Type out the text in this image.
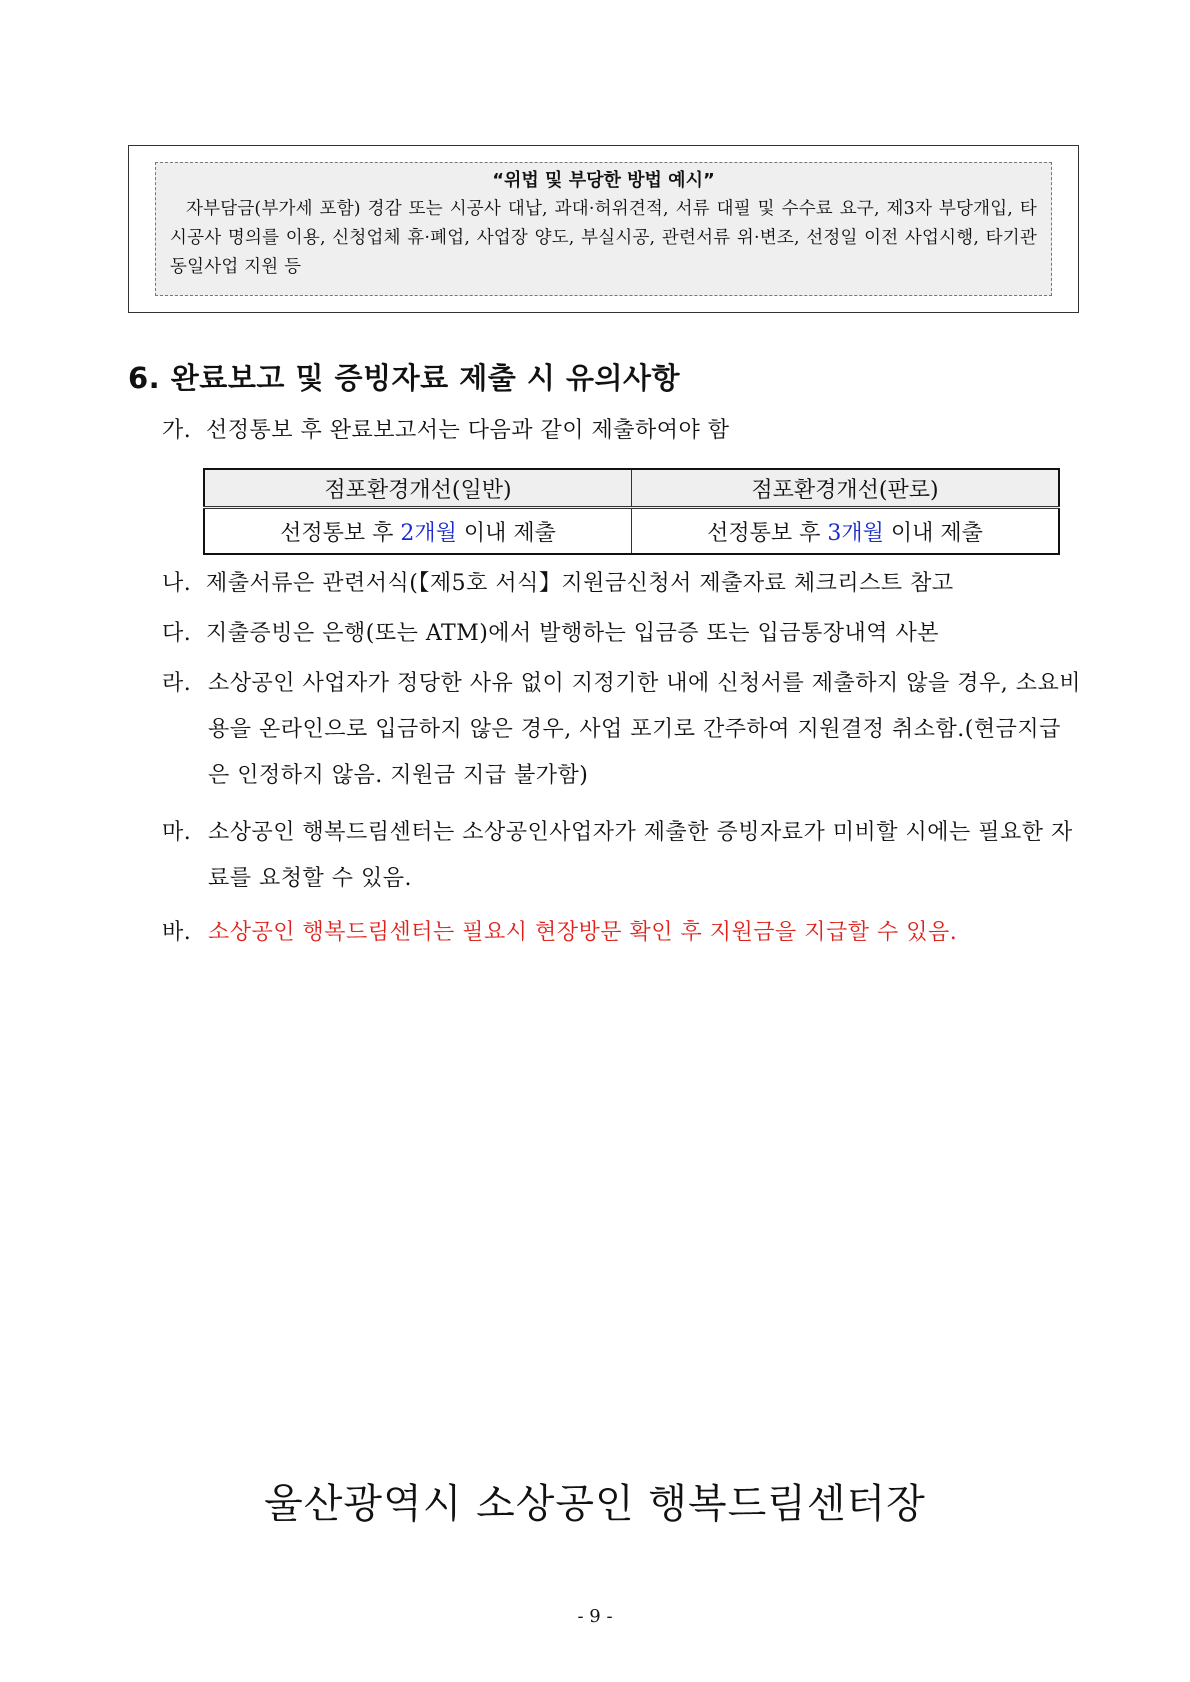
“위법 및 부당한 방법 예시”

자부담금(부가세 포함) 경감 또는 시공사 대납, 과대·허위견적, 서류 대필 및 수수료 요구, 제3자 부당개입, 타 시공사 명의를 이용, 신청업체 휴·폐업, 사업장 양도, 부실시공, 관련서류 위·변조, 선정일 이전 사업시행, 타기관 동일사업 지원 등

6. 완료보고 및 증빙자료 제출 시 유의사항

가. 선정통보 후 완료보고서는 다음과 같이 제출하여야 함

점포환경개선(일반)	점포환경개선(판로)
선정통보 후 2개월 이내 제출	선정통보 후 3개월 이내 제출

나. 제출서류은 관련서식(【제5호 서식】지원금신청서 제출자료 체크리스트 참고

다. 지출증빙은 은행(또는 ATM)에서 발행하는 입금증 또는 입금통장내역 사본

라. 소상공인 사업자가 정당한 사유 없이 지정기한 내에 신청서를 제출하지 않을 경우, 소요비용을 온라인으로 입금하지 않은 경우, 사업 포기로 간주하여 지원결정 취소함.(현금지급은 인정하지 않음. 지원금 지급 불가함)
마. 소상공인 행복드림센터는 소상공인사업자가 제출한 증빙자료가 미비할 시에는 필요한 자료를 요청할 수 있음.
바. 소상공인 행복드림센터는 필요시 현장방문 확인 후 지원금을 지급할 수 있음.

울산광역시 소상공인 행복드림센터장

- 9 -
